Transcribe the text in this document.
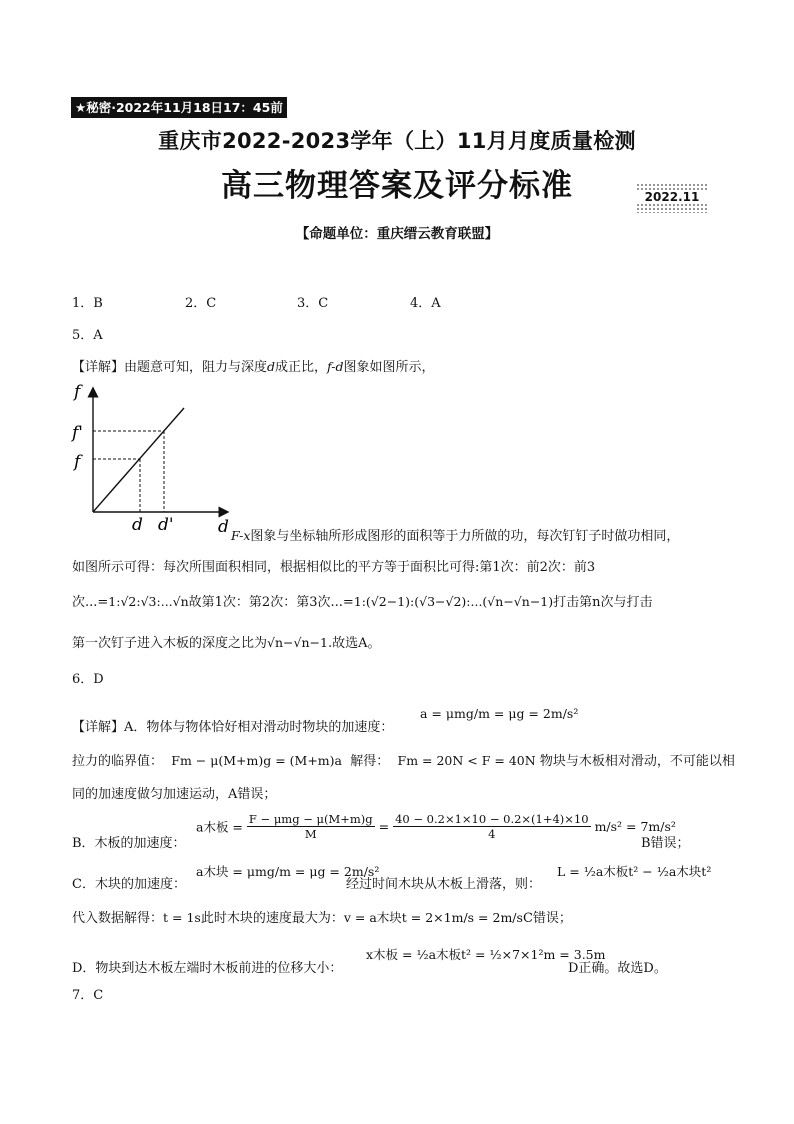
★秘密·2022年11月18日17：45前
重庆市2022-2023学年（上）11月月度质量检测
高三物理答案及评分标准	2022.11
【命题单位：重庆缙云教育联盟】
1．B	2．C	3．C	4．A
5．A
【详解】由题意可知，阻力与深度d成正比，f-d图象如图所示，
f
f'
f
d d'	d F-x图象与坐标轴所形成图形的面积等于力所做的功，每次钉钉子时做功相同，
如图所示可得：每次所围面积相同，根据相似比的平方等于面积比可得:第1次：前2次：前3
次...=1:√2:√3:...√n故第1次：第2次：第3次...=1:(√2−1):(√3−√2):...(√n−√n−1)打击第n次与打击
第一次钉子进入木板的深度之比为√n−√n−1.故选A。
6．D
【详解】A．物体与物体恰好相对滑动时物块的加速度：
a = μmg/m = μg = 2m/s²
拉力的临界值： Fm − μ(M+m)g = (M+m)a 解得： Fm = 20N < F = 40N 物块与木板相对滑动，不可能以相
同的加速度做匀加速运动，A错误；
B．木板的加速度：
a木板 = $\frac{\text{F − μmg − μ(M+m)g}}{M} = \frac{40 - 0.2\times 1\times 10 - 0.2\times(1+4)\times 10}{4} m/s^2 = 7m/s^2$
B错误；
C．木块的加速度：
a木块 = μmg/m = μg = 2m/s²
经过时间木块从木板上滑落，则：
L = ½a木板t² − ½a木块t²
代入数据解得：t = 1s此时木块的速度最大为：v = a木块t = 2×1m/s = 2m/sC错误；
D．物块到达木板左端时木板前进的位移大小：
x木板 = ½a木板t² = ½×7×1²m = 3.5m
D正确。故选D。
7．C
